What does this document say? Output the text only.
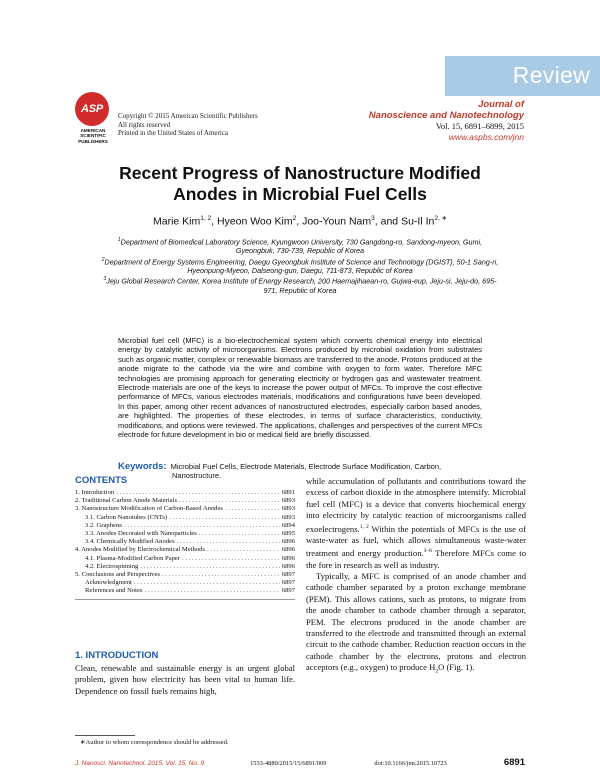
Review
ASP
AMERICAN
SCIENTIFIC
PUBLISHERS
Copyright © 2015 American Scientific Publishers
All rights reserved
Printed in the United States of America
Journal of
Nanoscience and Nanotechnology
Vol. 15, 6891–6899, 2015
www.aspbs.com/jnn
Recent Progress of Nanostructure Modified
Anodes in Microbial Fuel Cells
Marie Kim$^{1, 2}$, Hyeon Woo Kim$^2$, Joo-Youn Nam$^3$, and Su-Il $In^{2, ∗}$
$^1$Department of Biomedical Laboratory Science, Kyungwoon University, 730 Gangdong-ro, Sandong-myeon, Gumi, Gyeongbuk, 730-739, Republic of Korea
$^2$Department of Energy Systems Engineering, Daegu Gyeongbuk Institute of Science and Technology (DGIST), 50-1 Sang-ri, Hyeonpung-Myeon, Dalseong-gun, Daegu, 711-873, Republic of Korea
$^3$Jeju Global Research Center, Korea Institute of Energy Research, 200 Haemajihaean-ro, Gujwa-eup, Jeju-si, Jeju-do, 695-971, Republic of Korea
Microbial fuel cell (MFC) is a bio-electrochemical system which converts chemical energy into electrical energy by catalytic activity of microorganisms. Electrons produced by microbial oxidation from substrates such as organic matter, complex or renewable biomass are transferred to the anode. Protons produced at the anode migrate to the cathode via the wire and combine with oxygen to form water. Therefore MFC technologies are promising approach for generating electricity or hydrogen gas and wastewater treatment. Electrode materials are one of the keys to increase the power output of MFCs. To improve the cost effective performance of MFCs, various electrodes materials, modifications and configurations have been developed. In this paper, among other recent advances of nanostructured electrodes, especially carbon based anodes, are highlighted. The properties of these electrodes, in terms of surface characteristics, conductivity, modifications, and options were reviewed. The applications, challenges and perspectives of the current MFCs electrode for future development in bio or medical field are briefly discussed.
Keywords: Microbial Fuel Cells, Electrode Materials, Electrode Surface Modification, Carbon,
Nanostructure.
CONTENTS
1. Introduction . . .	6891
2. Traditional Carbon Anode Materials . . .	6893
3. Nanostructure Modification of Carbon-Based Anodes . . .	6893
3.1. Carbon Nanotubes (CNTs) . . .	6893
3.2. Graphene . . .	6894
3.3. Anodes Decorated with Nanoparticles . . .	6895
3.4. Chemically Modified Anodes . . .	6896
4. Anodes Modified by Electrochemical Methods . . .	6896
4.1. Plasma-Modified Carbon Paper . . .	6896
4.2. Electrospinning . . .	6896
5. Conclusions and Perspectives . . .	6897
Acknowledgment . . .	6897
References and Notes . . .	6897
1. INTRODUCTION
Clean, renewable and sustainable energy is an urgent global problem, given how electricity has been vital to human life. Dependence on fossil fuels remains high,

while accumulation of pollutants and contributions toward the excess of carbon dioxide in the atmosphere intensify. Microbial fuel cell (MFC) is a device that converts biochemical energy into electricity by catalytic reaction of microorganisms called exoelectrogens.$^{1, 2}$ Within the potentials of MFCs is the use of waste-water as fuel, which allows simultaneous waste-water treatment and energy production.$^{3-6}$ Therefore MFCs come to the fore in research as well as industry.

Typically, a MFC is comprised of an anode chamber and cathode chamber separated by a proton exchange membrane (PEM). This allows cations, such as protons, to migrate from the anode chamber to cathode chamber through a separator, PEM. The electrons produced in the anode chamber are transferred to the electrode and transmitted through an external circuit to the cathode chamber. Reduction reaction occurs in the cathode chamber by the electrons, protons and electron acceptors (e.g., oxygen) to produce $H_2O$ (Fig. 1).

∗Author to whom correspondence should be addressed.
J. Nanosci. Nanotechnol. 2015, Vol. 15, No. 9	1533-4880/2015/15/6891/009	doi:10.1166/jnn.2015.10723	6891
